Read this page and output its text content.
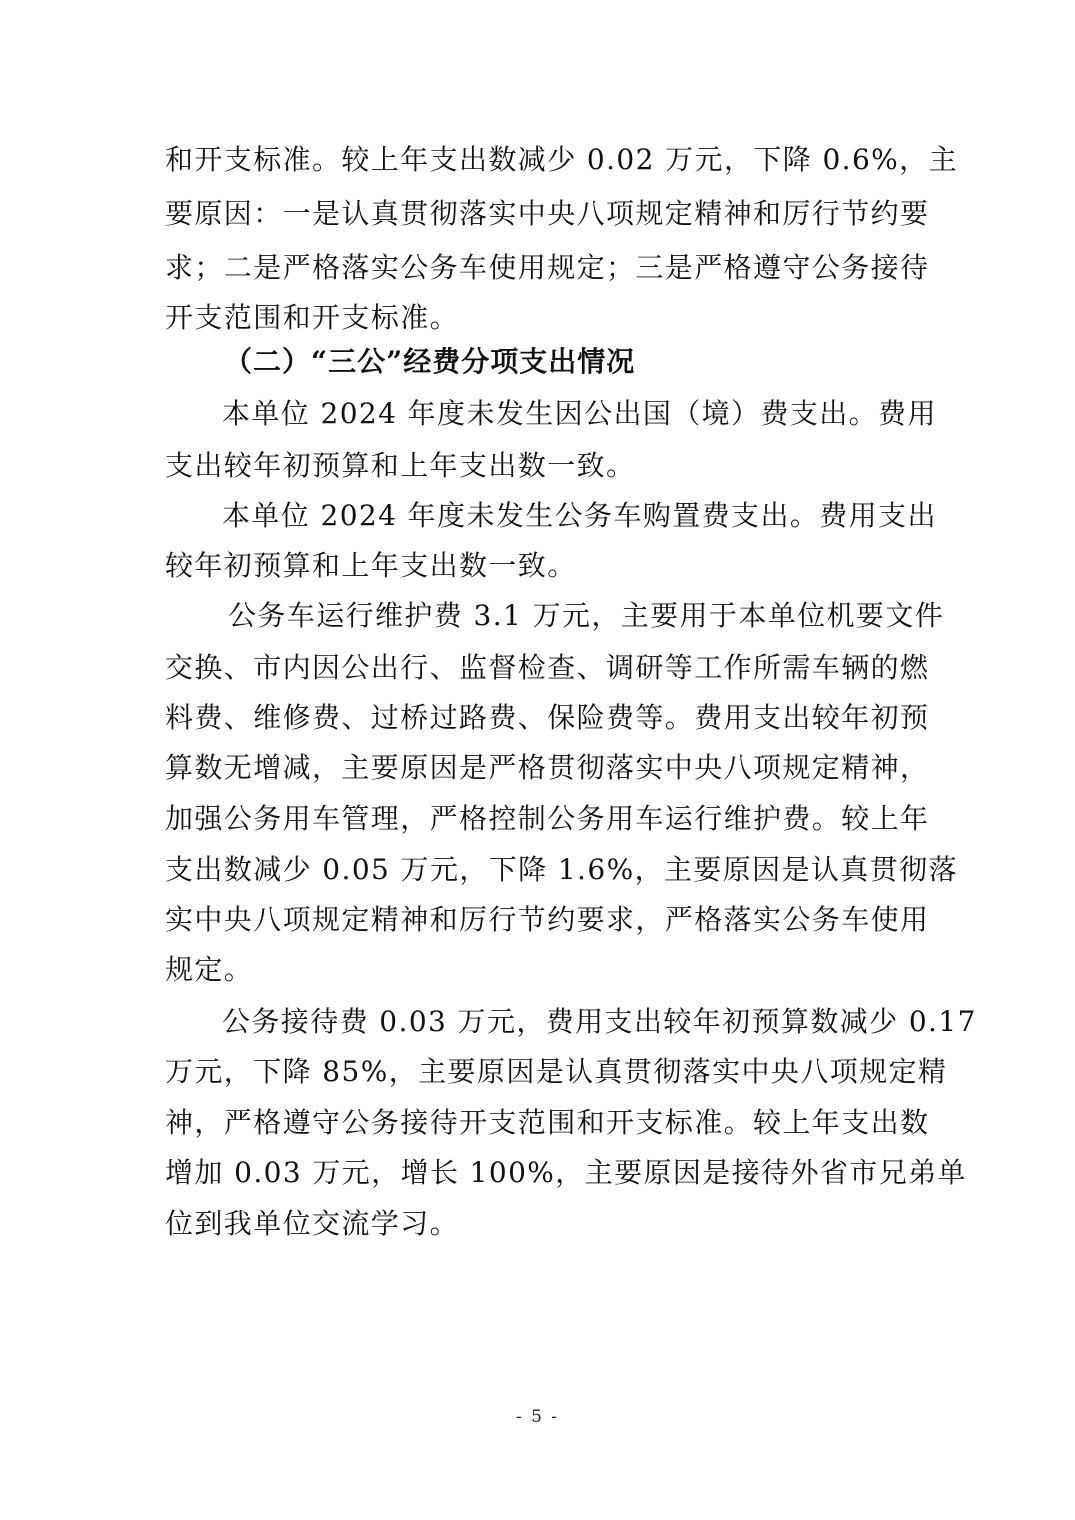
和开支标准。较上年支出数减少 0.02 万元，下降 0.6%，主
要原因：一是认真贯彻落实中央八项规定精神和厉行节约要
求；二是严格落实公务车使用规定；三是严格遵守公务接待
开支范围和开支标准。
（二）“三公”经费分项支出情况
本单位 2024 年度未发生因公出国（境）费支出。费用
支出较年初预算和上年支出数一致。
本单位 2024 年度未发生公务车购置费支出。费用支出
较年初预算和上年支出数一致。
公务车运行维护费 3.1 万元，主要用于本单位机要文件
交换、市内因公出行、监督检查、调研等工作所需车辆的燃
料费、维修费、过桥过路费、保险费等。费用支出较年初预
算数无增减，主要原因是严格贯彻落实中央八项规定精神，
加强公务用车管理，严格控制公务用车运行维护费。较上年
支出数减少 0.05 万元，下降 1.6%，主要原因是认真贯彻落
实中央八项规定精神和厉行节约要求，严格落实公务车使用
规定。
公务接待费 0.03 万元，费用支出较年初预算数减少 0.17
万元，下降 85%，主要原因是认真贯彻落实中央八项规定精
神，严格遵守公务接待开支范围和开支标准。较上年支出数
增加 0.03 万元，增长 100%，主要原因是接待外省市兄弟单
位到我单位交流学习。
- 5 -
